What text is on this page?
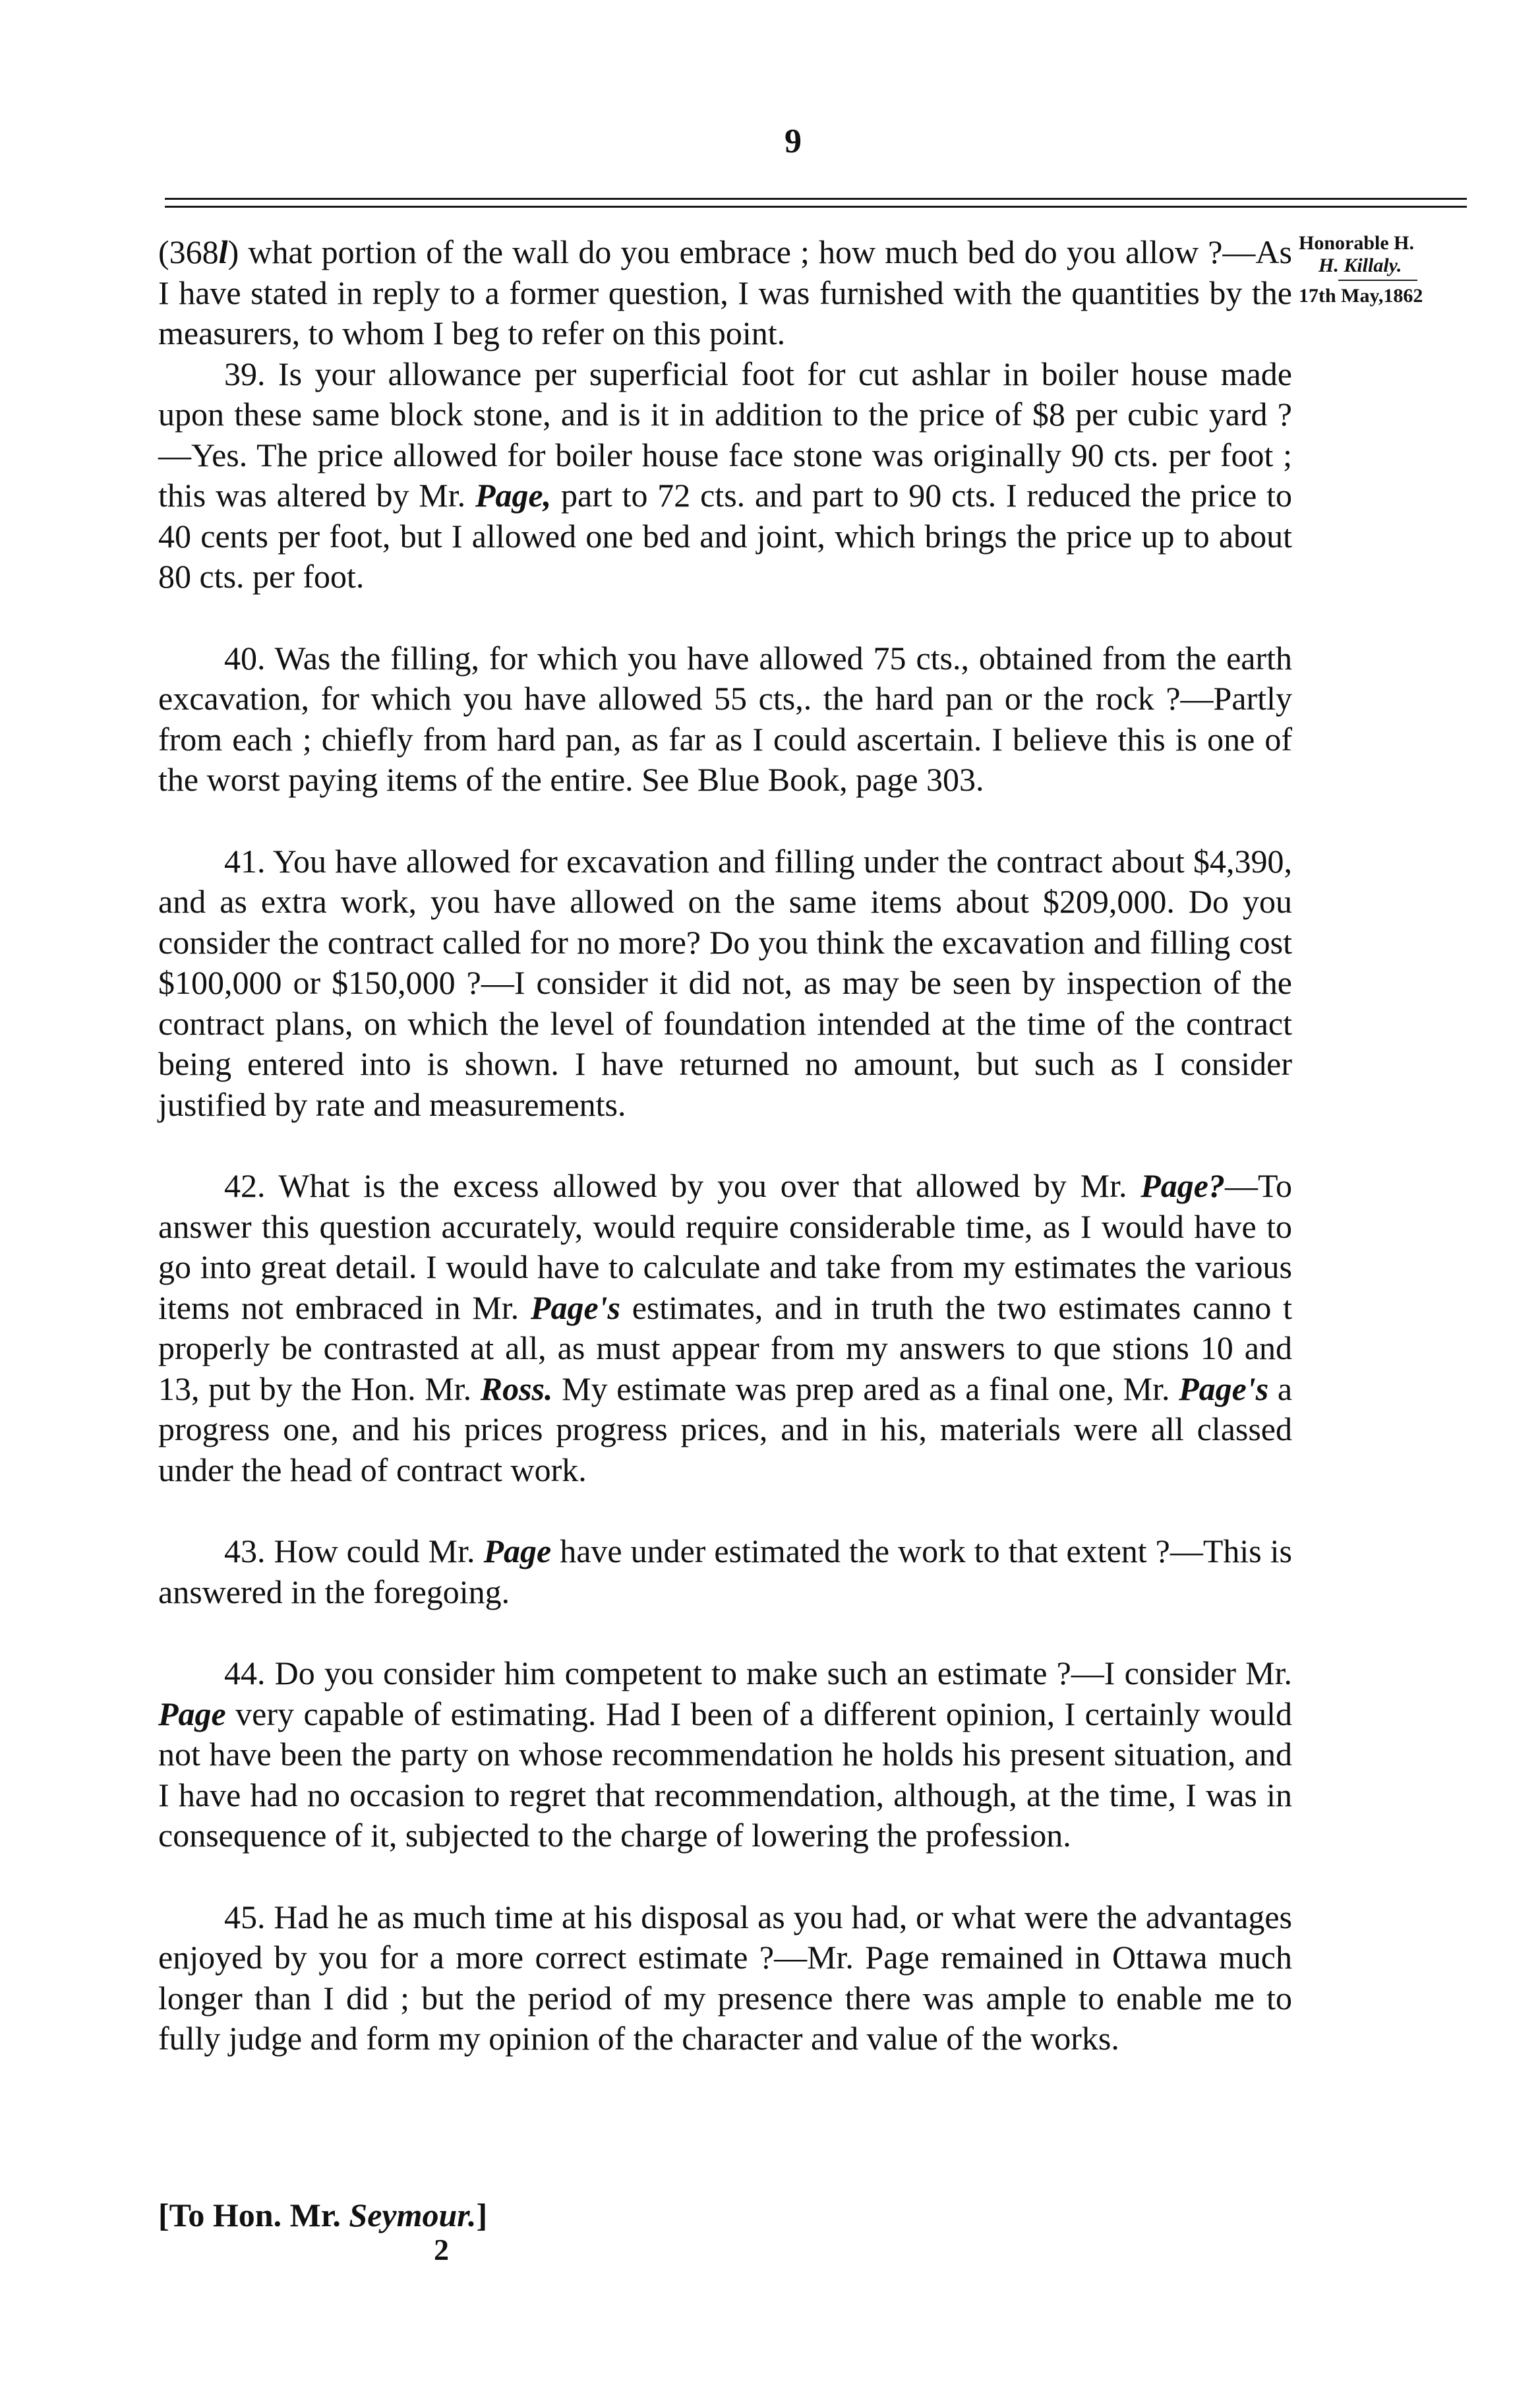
9
Honorable H.
H. Killaly.
17th May,1862

(368l) what portion of the wall do you embrace ; how much bed do you allow ?—As I have stated in reply to a former question, I was furnished with the quantities by the measurers, to whom I beg to refer on this point.

39. Is your allowance per superficial foot for cut ashlar in boiler house made upon these same block stone, and is it in addition to the price of $8 per cubic yard ?—Yes. The price allowed for boiler house face stone was originally 90 cts. per foot ; this was altered by Mr. Page, part to 72 cts. and part to 90 cts. I reduced the price to 40 cents per foot, but I allowed one bed and joint, which brings the price up to about 80 cts. per foot.

40. Was the filling, for which you have allowed 75 cts., obtained from the earth excavation, for which you have allowed 55 cts,. the hard pan or the rock ?—Partly from each ; chiefly from hard pan, as far as I could ascertain. I believe this is one of the worst paying items of the entire. See Blue Book, page 303.

41. You have allowed for excavation and filling under the contract about $4,390, and as extra work, you have allowed on the same items about $209,000. Do you consider the contract called for no more? Do you think the excavation and filling cost $100,000 or $150,000 ?—I consider it did not, as may be seen by inspection of the contract plans, on which the level of foundation intended at the time of the contract being entered into is shown. I have returned no amount, but such as I consider justified by rate and measurements.

42. What is the excess allowed by you over that allowed by Mr. Page?—To answer this question accurately, would require considerable time, as I would have to go into great detail. I would have to calculate and take from my estimates the various items not embraced in Mr. Page's estimates, and in truth the two estimates canno t properly be contrasted at all, as must appear from my answers to que stions 10 and 13, put by the Hon. Mr. Ross. My estimate was prep ared as a final one, Mr. Page's a progress one, and his prices progress prices, and in his, materials were all classed under the head of contract work.

43. How could Mr. Page have under estimated the work to that extent ?—This is answered in the foregoing.

44. Do you consider him competent to make such an estimate ?—I consider Mr. Page very capable of estimating. Had I been of a different opinion, I certainly would not have been the party on whose recommendation he holds his present situation, and I have had no occasion to regret that recommendation, although, at the time, I was in consequence of it, subjected to the charge of lowering the profession.

45. Had he as much time at his disposal as you had, or what were the advantages enjoyed by you for a more correct estimate ?—Mr. Page remained in Ottawa much longer than I did ; but the period of my presence there was ample to enable me to fully judge and form my opinion of the character and value of the works.

[To Hon. Mr. Seymour.]
2
